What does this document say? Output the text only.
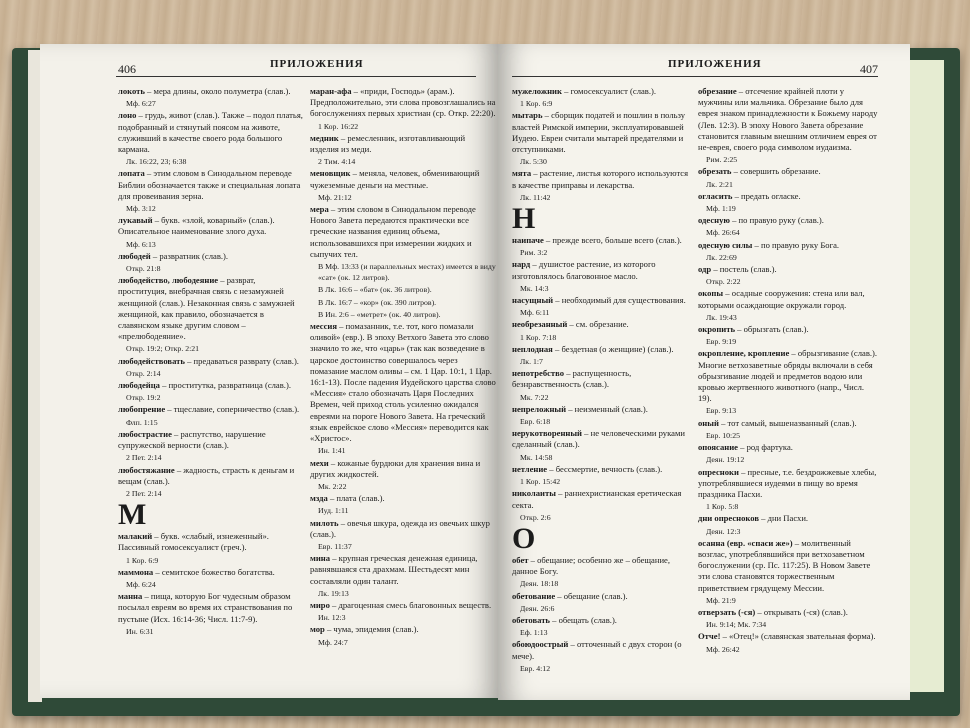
406	ПРИЛОЖЕНИЯ

локоть – мера длины, около полуметра (слав.).

Мф. 6:27

лоно – грудь, живот (слав.). Также – подол платья, подобранный и стянутый поясом на животе, служивший в качестве своего рода большого кармана.

Лк. 16:22, 23; 6:38

лопата – этим словом в Синодальном переводе Библии обозначается также и специальная лопата для провеивания зерна.

Мф. 3:12

лукавый – букв. «злой, коварный» (слав.). Описательное наименование злого духа.

Мф. 6:13

любодей – развратник (слав.).

Откр. 21:8

любодейство, любодеяние – разврат, проституция, внебрачная связь с незамужней женщиной (слав.). Незаконная связь с замужней женщиной, как правило, обозначается в славянском языке другим словом – «прелюбодеяние».

Откр. 19:2; Откр. 2:21

любодействовать – предаваться разврату (слав.).

Откр. 2:14

любодейца – проститутка, развратница (слав.).

Откр. 19:2

любопрение – тщеславие, соперничество (слав.).

Флп. 1:15

любострастие – распутство, нарушение супружеской верности (слав.).

2 Пет. 2:14

любостяжание – жадность, страсть к деньгам и вещам (слав.).

2 Пет. 2:14

М

малакий – букв. «слабый, изнеженный». Пассивный гомосексуалист (греч.).

1 Кор. 6:9

маммона – семитское божество богатства.

Мф. 6:24

манна – пища, которую Бог чудесным образом посылал евреям во время их странствования по пустыне (Исх. 16:14-36; Числ. 11:7-9).

Ин. 6:31

маран-афа – «приди, Господь» (арам.). Предположительно, эти слова провозглашались на богослужениях первых христиан (ср. Откр. 22:20).

1 Кор. 16:22

медник – ремесленник, изготавливающий изделия из меди.

2 Тим. 4:14

меновщик – меняла, человек, обменивающий чужеземные деньги на местные.

Мф. 21:12

мера – этим словом в Синодальном переводе Нового Завета передаются практически все греческие названия единиц объема, использовавшихся при измерении жидких и сыпучих тел.

В Мф. 13:33 (и параллельных местах) имеется в виду «сат» (ок. 12 литров).

В Лк. 16:6 – «бат» (ок. 36 литров).

В Лк. 16:7 – «кор» (ок. 390 литров).

В Ин. 2:6 – «метрет» (ок. 40 литров).

мессия – помазанник, т.е. тот, кого помазали оливой» (евр.). В эпоху Ветхого Завета это слово значило то же, что «царь» (так как возведение в царское достоинство совершалось через помазание маслом оливы – см. 1 Цар. 10:1, 1 Цар. 16:1-13). После падения Иудейского царства слово «Мессия» стало обозначать Царя Последних Времен, чей приход столь усиленно ожидался евреями на пороге Нового Завета. На греческий язык еврейское слово «Мессия» переводится как «Христос».

Ин. 1:41

мехи – кожаные бурдюки для хранения вина и других жидкостей.

Мк. 2:22

мзда – плата (слав.).

Иуд. 1:11

милоть – овечья шкура, одежда из овечьих шкур (слав.).

Евр. 11:37

мина – крупная греческая денежная единица, равнявшаяся ста драхмам. Шестьдесят мин составляли один талант.

Лк. 19:13

миро – драгоценная смесь благовонных веществ.

Ин. 12:3

мор – чума, эпидемия (слав.).

Мф. 24:7

ПРИЛОЖЕНИЯ	407

мужеложник – гомосексуалист (слав.).

1 Кор. 6:9

мытарь – сборщик податей и пошлин в пользу властей Римской империи, эксплуатировавшей Иудею. Евреи считали мытарей предателями и отступниками.

Лк. 5:30

мята – растение, листья которого используются в качестве приправы и лекарства.

Лк. 11:42

Н

наипаче – прежде всего, больше всего (слав.).

Рим. 3:2

нард – душистое растение, из которого изготовлялось благовонное масло.

Мк. 14:3

насущный – необходимый для существования.

Мф. 6:11

необрезанный – см. обрезание.

1 Кор. 7:18

неплодная – бездетная (о женщине) (слав.).

Лк. 1:7

непотребство – распущенность, безнравственность (слав.).

Мк. 7:22

непреложный – неизменный (слав.).

Евр. 6:18

нерукотворенный – не человеческими руками сделанный (слав.).

Мк. 14:58

нетление – бессмертие, вечность (слав.).

1 Кор. 15:42

николаиты – раннехристианская еретическая секта.

Откр. 2:6

О

обет – обещание; особенно же – обещание, данное Богу.

Деян. 18:18

обетование – обещание (слав.).

Деян. 26:6

обетовать – обещать (слав.).

Еф. 1:13

обоюдоострый – отточенный с двух сторон (о мече).

Евр. 4:12

обрезание – отсечение крайней плоти у мужчины или мальчика. Обрезание было для еврея знаком принадлежности к Божьему народу (Лев. 12:3). В эпоху Нового Завета обрезание становится главным внешним отличием еврея от не-еврея, своего рода символом иудаизма.

Рим. 2:25

обрезать – совершить обрезание.

Лк. 2:21

огласить – предать огласке.

Мф. 1:19

одесную – по правую руку (слав.).

Мф. 26:64

одесную силы – по правую руку Бога.

Лк. 22:69

одр – постель (слав.).

Откр. 2:22

окопы – осадные сооружения: стена или вал, которыми осаждающие окружали город.

Лк. 19:43

окропить – обрызгать (слав.).

Евр. 9:19

окропление, кропление – обрызгивание (слав.). Многие ветхозаветные обряды включали в себя обрызгивание людей и предметов водою или кровью жертвенного животного (напр., Числ. 19).

Евр. 9:13

оный – тот самый, вышеназванный (слав.).

Евр. 10:25

опоясание – род фартука.

Деян. 19:12

опресноки – пресные, т.е. бездрожжевые хлебы, употреблявшиеся иудеями в пищу во время праздника Пасхи.

1 Кор. 5:8

дни опресноков – дни Пасхи.

Деян. 12:3

осанна (евр. «спаси же») – молитвенный возглас, употреблявшийся при ветхозаветном богослужении (ср. Пс. 117:25). В Новом Завете эти слова становятся торжественным приветствием грядущему Мессии.

Мф. 21:9

отверзать (-ся) – открывать (-ся) (слав.).

Ин. 9:14; Мк. 7:34

Отче! – «Отец!» (славянская звательная форма).

Мф. 26:42
